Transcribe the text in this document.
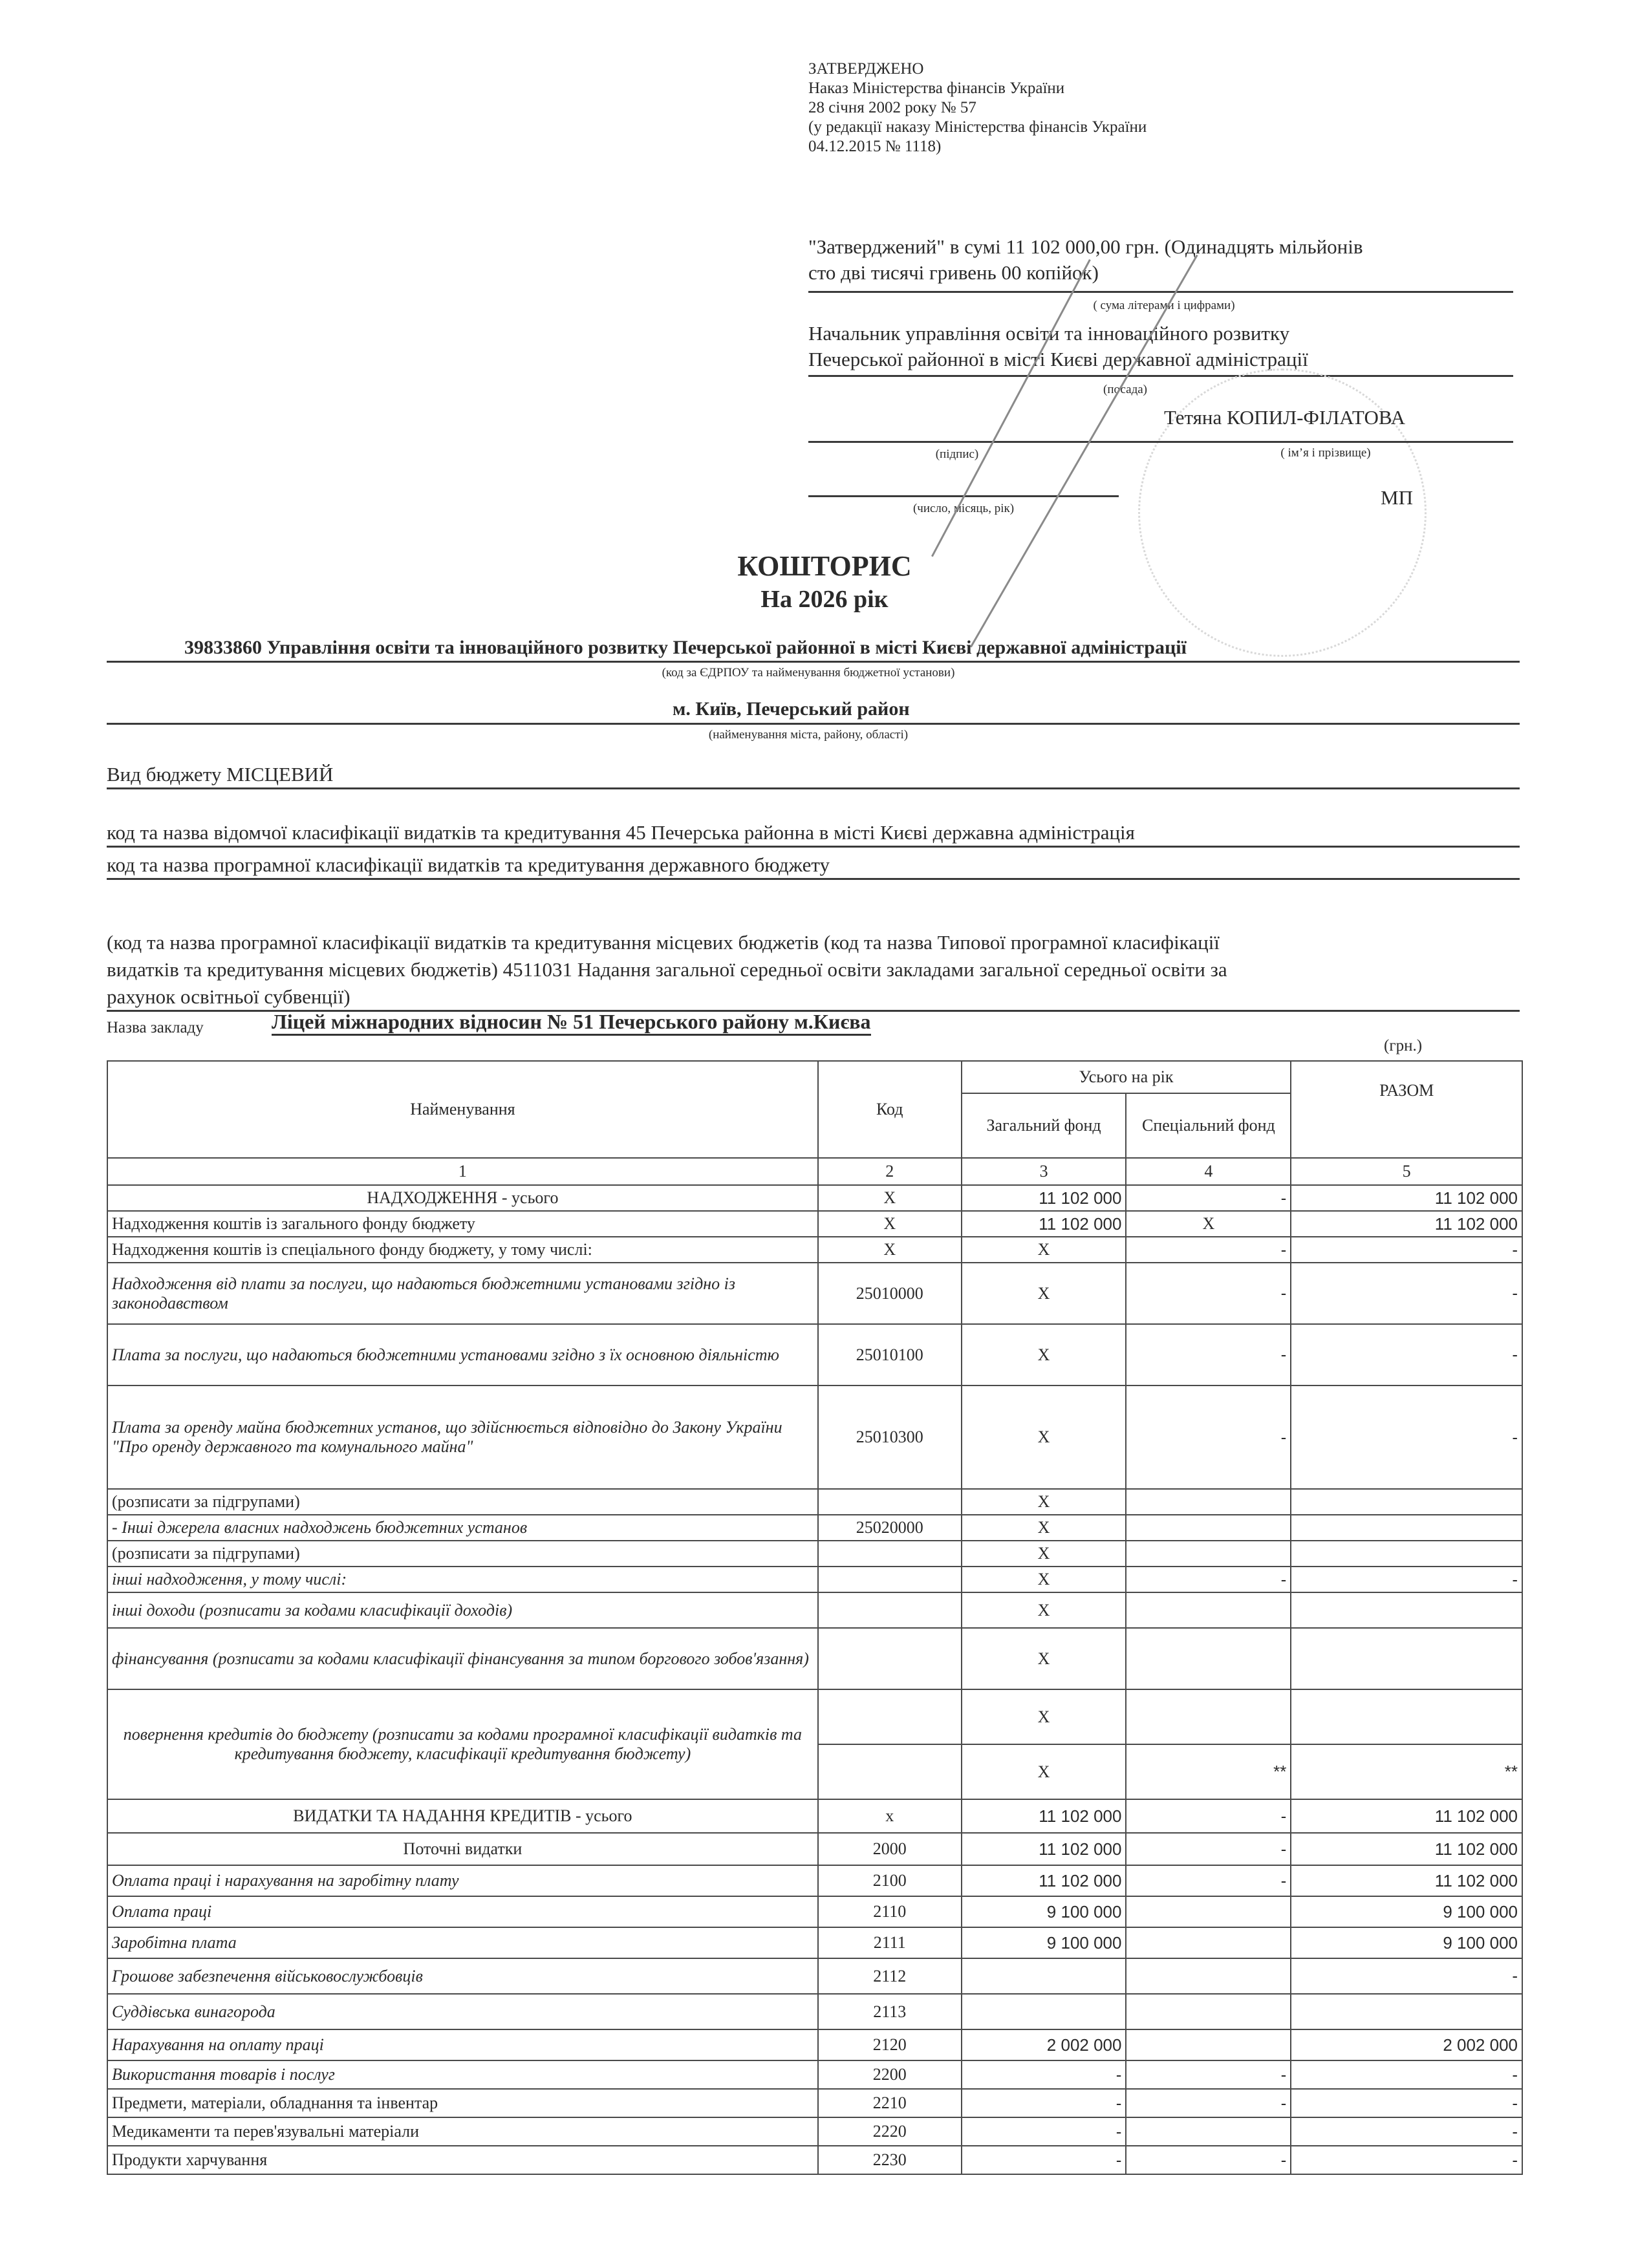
ЗАТВЕРДЖЕНО
Наказ Міністерства фінансів України
28 січня 2002 року № 57
(у редакції наказу Міністерства фінансів України
04.12.2015 № 1118)
"Затверджений" в сумі 11 102 000,00 грн. (Одинадцять мільйонів
сто дві тисячі гривень 00 копійок)
( сума літерами і цифрами)
Начальник управління освіти та інноваційного розвитку
Печерської районної в місті Києві державної адміністрації
(посада)
Тетяна КОПИЛ-ФІЛАТОВА
(підпис)	( ім’я і прізвище)
(число, місяць, рік)	МП
КОШТОРИС
На 2026 рік
39833860 Управління освіти та інноваційного розвитку Печерської районної в місті Києві державної адміністрації
(код за ЄДРПОУ та найменування бюджетної установи)
м. Київ, Печерський район
(найменування міста, району, області)
Вид бюджету МІСЦЕВИЙ
код та назва відомчої класифікації видатків та кредитування 45 Печерська районна в місті Києві державна адміністрація
код та назва програмної класифікації видатків та кредитування державного бюджету
(код та назва програмної класифікації видатків та кредитування місцевих бюджетів (код та назва Типової програмної класифікації
видатків та кредитування місцевих бюджетів) 4511031 Надання загальної середньої освіти закладами загальної середньої освіти за
рахунок освітньої субвенції)
Назва закладу	Ліцей міжнародних відносин № 51 Печерського району м.Києва
(грн.)
Найменування	Код	Усього на рік		РАЗОМ
		Загальний фонд	Спеціальний фонд	
1	2	3	4	5
НАДХОДЖЕННЯ - усього	X	11 102 000	-	11 102 000
Надходження коштів із загального фонду бюджету	X	11 102 000	X	11 102 000
Надходження коштів із спеціального фонду бюджету, у тому числі:	X	X	-	-
Надходження від плати за послуги, що надаються бюджетними установами згідно із законодавством	25010000	X	-	-
Плата за послуги, що надаються бюджетними установами згідно з їх основною діяльністю	25010100	X	-	-
Плата за оренду майна бюджетних установ, що здійснюється відповідно до Закону України "Про оренду державного та комунального майна"	25010300	X	-	-
(розписати за підгрупами)		X		
- Інші джерела власних надходжень бюджетних установ	25020000	X		
(розписати за підгрупами)		X		
інші надходження, у тому числі:		X	-	-
інші доходи (розписати за кодами класифікації доходів)		X		
фінансування (розписати за кодами класифікації фінансування за типом боргового зобов'язання)		X		
повернення кредитів до бюджету (розписати за кодами програмної класифікації видатків та кредитування бюджету, класифікації кредитування бюджету)		X		
		X	**	**
ВИДАТКИ ТА НАДАННЯ КРЕДИТІВ - усього	x	11 102 000	-	11 102 000
Поточні видатки	2000	11 102 000	-	11 102 000
Оплата праці і нарахування на заробітну плату	2100	11 102 000	-	11 102 000
Оплата праці	2110	9 100 000		9 100 000
Заробітна плата	2111	9 100 000		9 100 000
Грошове забезпечення військовослужбовців	2112			-
Суддівська винагорода	2113			
Нарахування на оплату праці	2120	2 002 000		2 002 000
Використання товарів і послуг	2200	-	-	-
Предмети, матеріали, обладнання та інвентар	2210	-	-	-
Медикаменти та перев'язувальні матеріали	2220	-		-
Продукти харчування	2230	-	-	-
